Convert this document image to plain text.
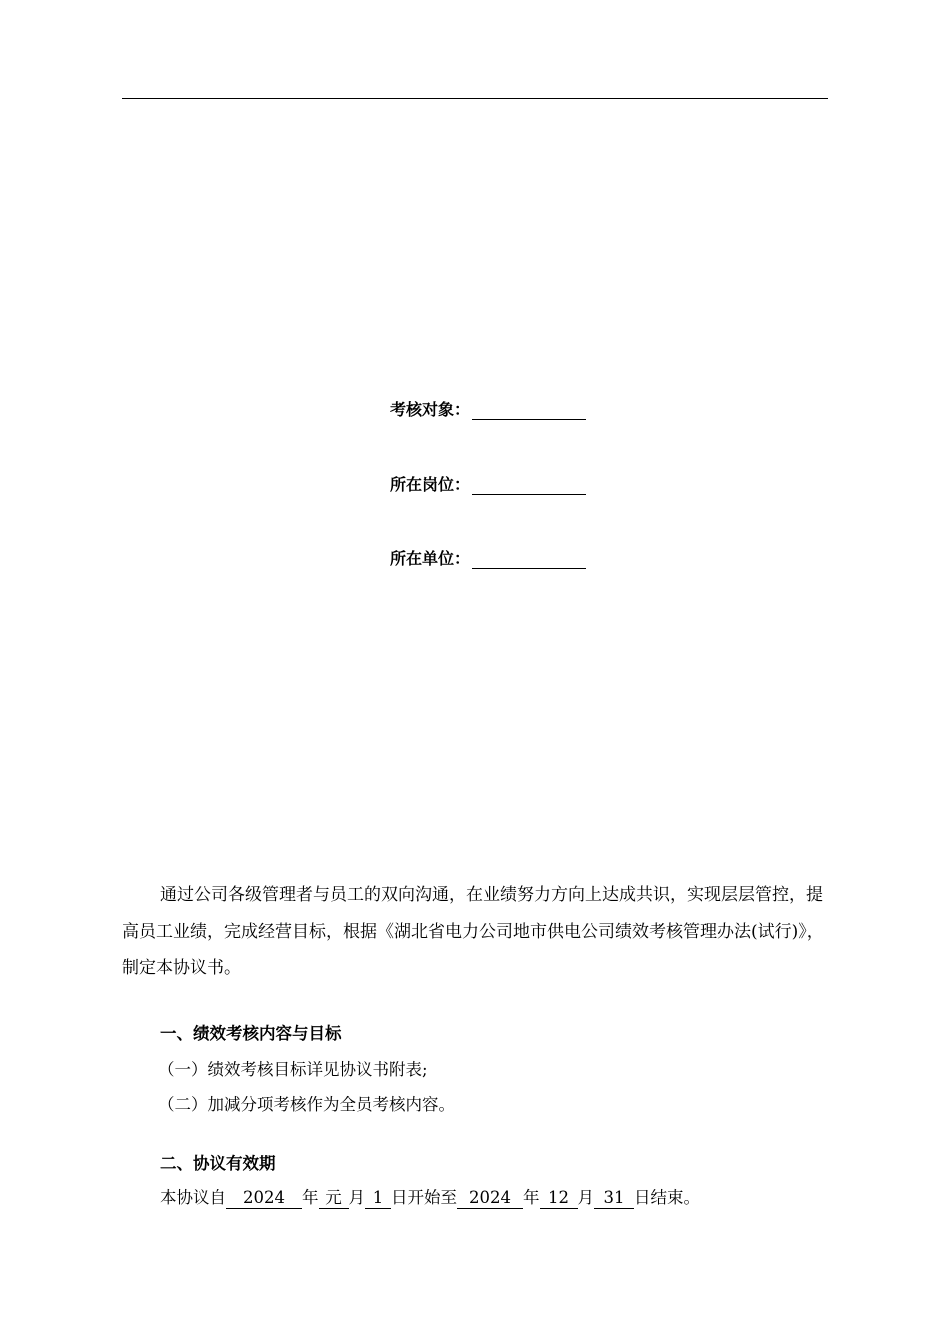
考核对象：
所在岗位：
所在单位：
通过公司各级管理者与员工的双向沟通，在业绩努力方向上达成共识，实现层层管控，提高员工业绩，完成经营目标，根据《湖北省电力公司地市供电公司绩效考核管理办法(试行)》，制定本协议书。
一、绩效考核内容与目标
（一）绩效考核目标详见协议书附表;
（二）加减分项考核作为全员考核内容。
二、协议有效期
本协议自 2024 年 元 月 1 日开始至 2024 年 12 月 31 日结束。
